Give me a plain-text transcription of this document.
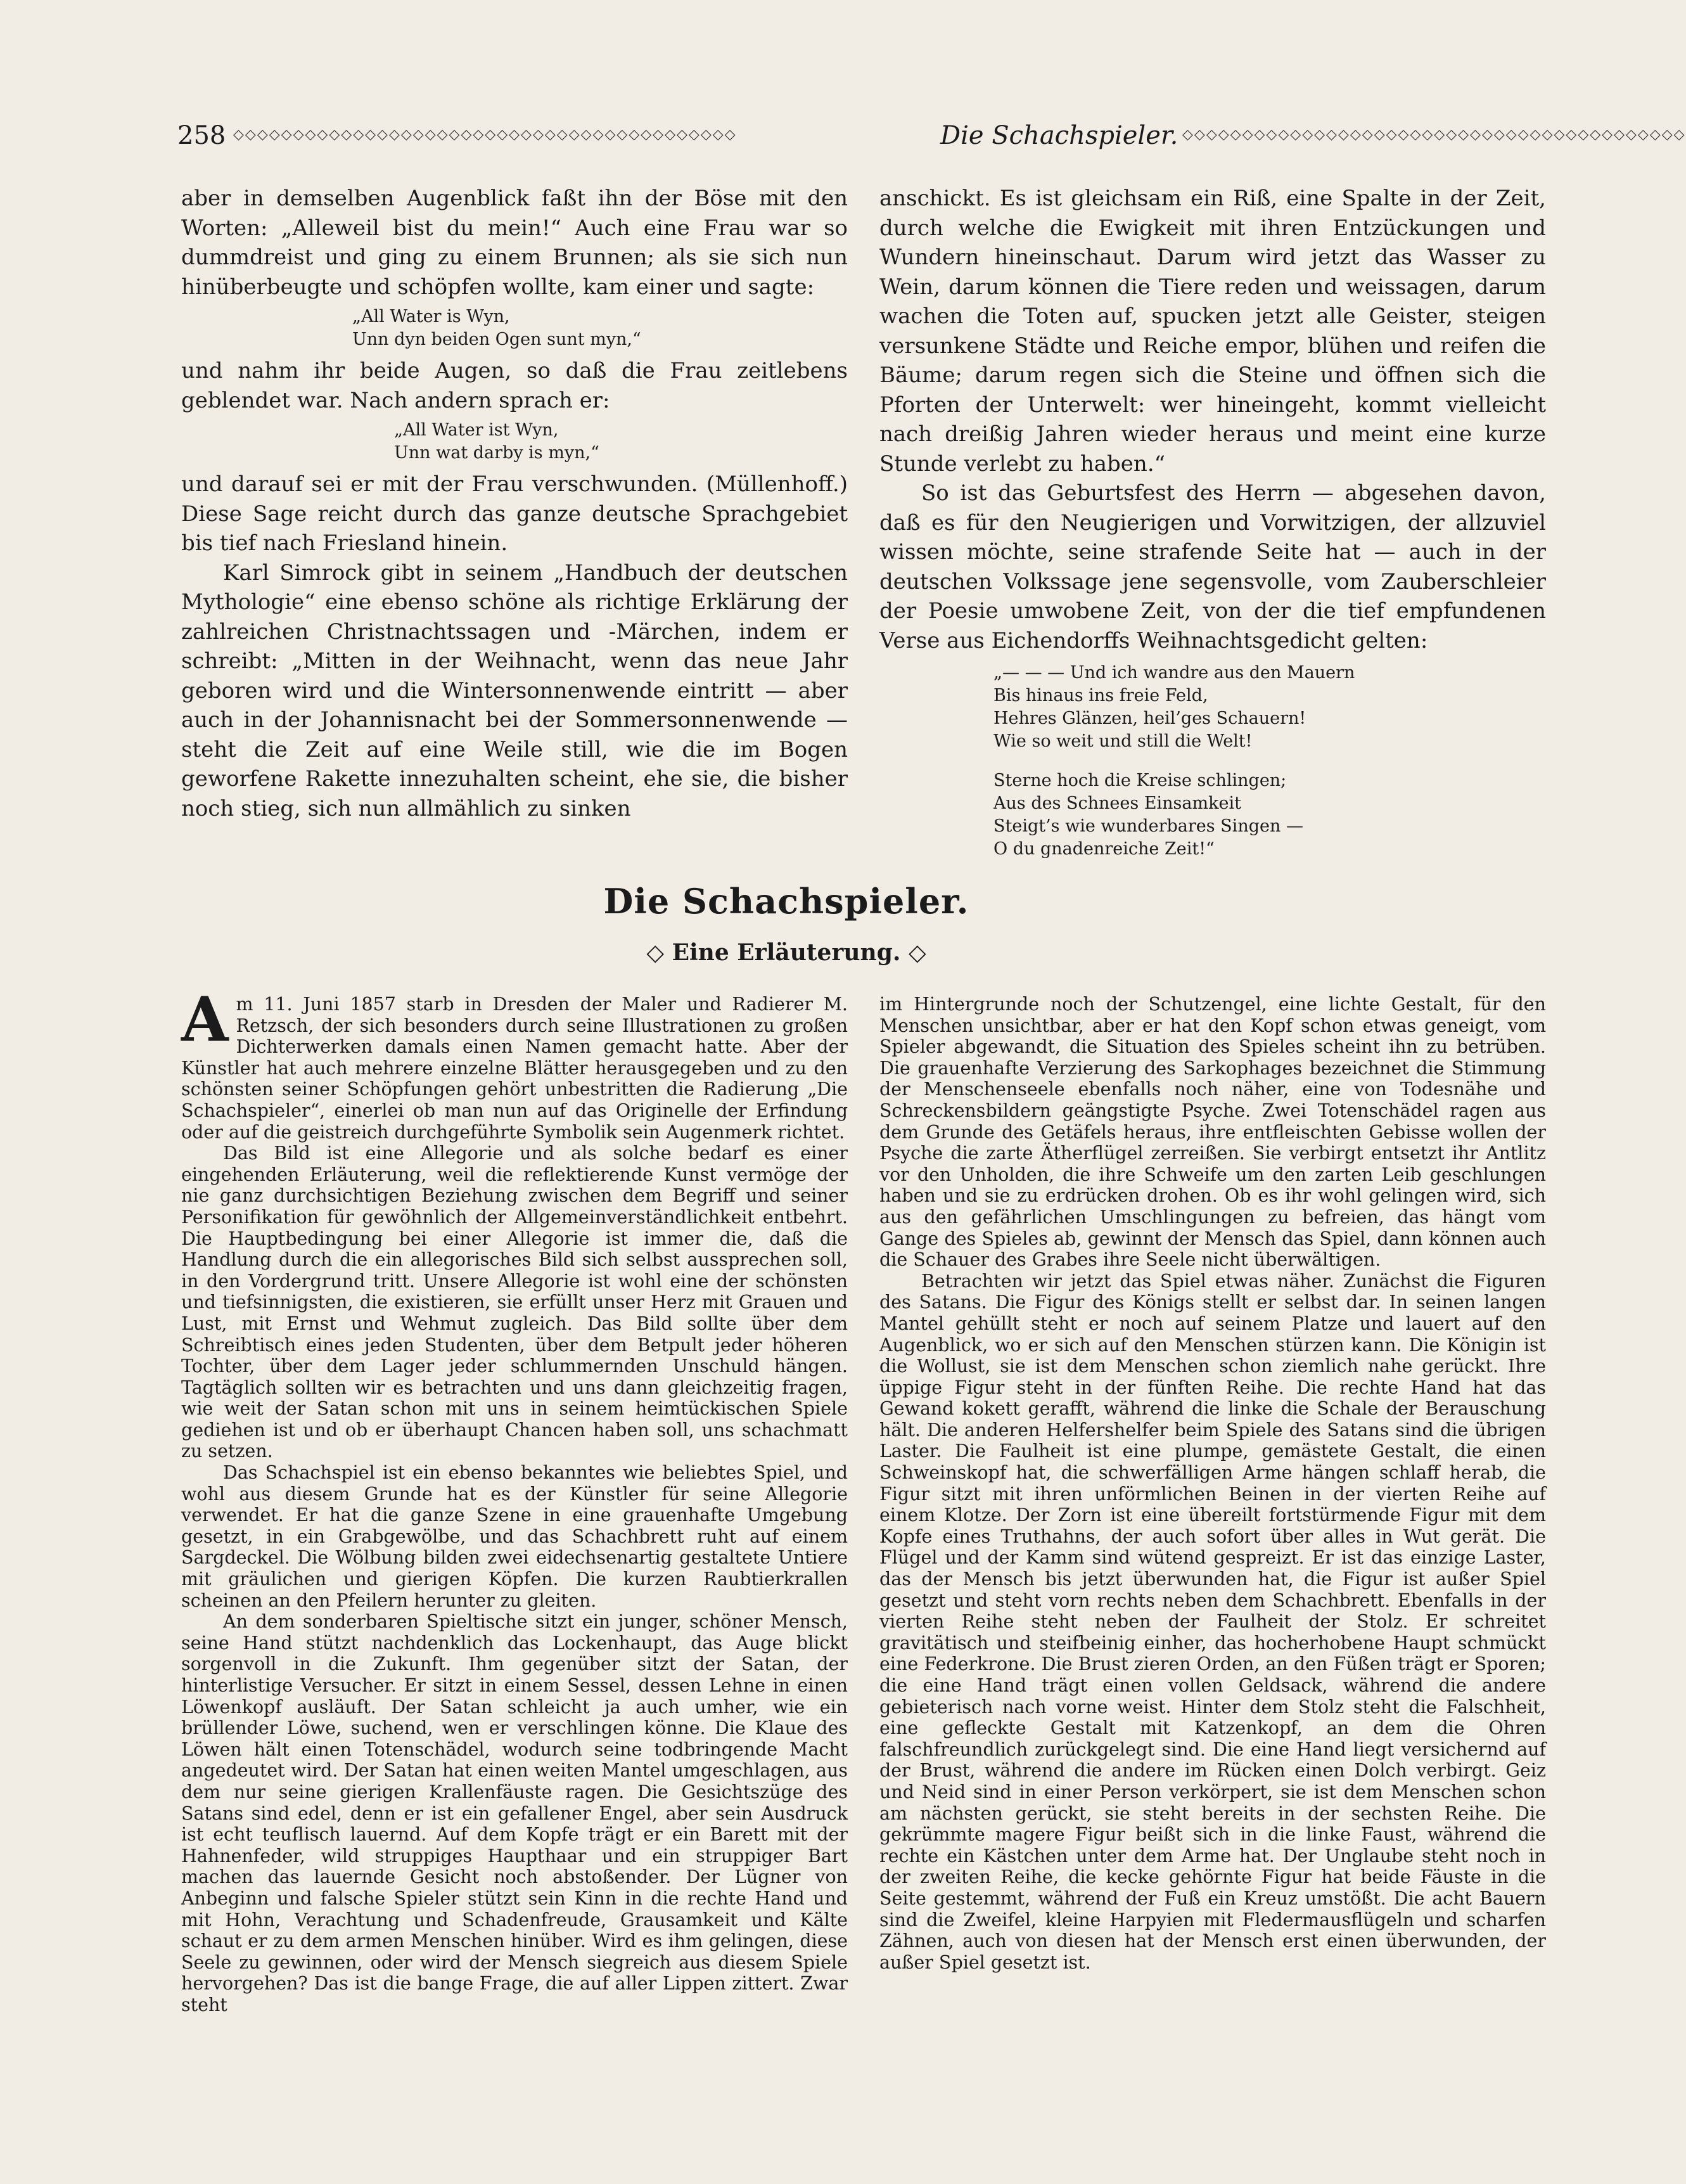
258 ◇◇◇◇◇◇◇◇◇◇◇◇◇◇◇◇◇◇◇◇◇◇◇◇◇◇◇◇◇◇◇◇◇◇◇◇◇◇◇◇◇◇	Die Schachspieler. ◇◇◇◇◇◇◇◇◇◇◇◇◇◇◇◇◇◇◇◇◇◇◇◇◇◇◇◇◇◇◇◇◇◇◇◇◇◇◇◇◇◇

aber in demselben Augenblick faßt ihn der Böse mit den Worten: „Alleweil bist du mein!“ Auch eine Frau war so dummdreist und ging zu einem Brunnen; als sie sich nun hinüberbeugte und schöpfen wollte, kam einer und sagte:

„All Water is Wyn,
Unn dyn beiden Ogen sunt myn,“

und nahm ihr beide Augen, so daß die Frau zeitlebens geblendet war. Nach andern sprach er:

„All Water ist Wyn,
Unn wat darby is myn,“

und darauf sei er mit der Frau verschwunden. (Müllenhoff.) Diese Sage reicht durch das ganze deutsche Sprachgebiet bis tief nach Friesland hinein.

Karl Simrock gibt in seinem „Handbuch der deutschen Mythologie“ eine ebenso schöne als richtige Erklärung der zahlreichen Christnachtssagen und -Märchen, indem er schreibt: „Mitten in der Weihnacht, wenn das neue Jahr geboren wird und die Wintersonnenwende eintritt — aber auch in der Johannisnacht bei der Sommersonnenwende — steht die Zeit auf eine Weile still, wie die im Bogen geworfene Rakette innezuhalten scheint, ehe sie, die bisher noch stieg, sich nun allmählich zu sinken

anschickt. Es ist gleichsam ein Riß, eine Spalte in der Zeit, durch welche die Ewigkeit mit ihren Entzückungen und Wundern hineinschaut. Darum wird jetzt das Wasser zu Wein, darum können die Tiere reden und weissagen, darum wachen die Toten auf, spucken jetzt alle Geister, steigen versunkene Städte und Reiche empor, blühen und reifen die Bäume; darum regen sich die Steine und öffnen sich die Pforten der Unterwelt: wer hineingeht, kommt vielleicht nach dreißig Jahren wieder heraus und meint eine kurze Stunde verlebt zu haben.“

So ist das Geburtsfest des Herrn — abgesehen davon, daß es für den Neugierigen und Vorwitzigen, der allzuviel wissen möchte, seine strafende Seite hat — auch in der deutschen Volkssage jene segensvolle, vom Zauberschleier der Poesie umwobene Zeit, von der die tief empfundenen Verse aus Eichendorffs Weihnachtsgedicht gelten:

„— — — Und ich wandre aus den Mauern
Bis hinaus ins freie Feld,
Hehres Glänzen, heil’ges Schauern!
Wie so weit und still die Welt!
Sterne hoch die Kreise schlingen;
Aus des Schnees Einsamkeit
Steigt’s wie wunderbares Singen —
O du gnadenreiche Zeit!“
Die Schachspieler.
◇ Eine Erläuterung. ◇

Am 11. Juni 1857 starb in Dresden der Maler und Radierer M. Retzsch, der sich besonders durch seine Illustrationen zu großen Dichterwerken damals einen Namen gemacht hatte. Aber der Künstler hat auch mehrere einzelne Blätter herausgegeben und zu den schönsten seiner Schöpfungen gehört unbestritten die Radierung „Die Schachspieler“, einerlei ob man nun auf das Originelle der Erfindung oder auf die geistreich durchgeführte Symbolik sein Augenmerk richtet.

Das Bild ist eine Allegorie und als solche bedarf es einer eingehenden Erläuterung, weil die reflektierende Kunst vermöge der nie ganz durchsichtigen Beziehung zwischen dem Begriff und seiner Personifikation für gewöhnlich der Allgemeinverständlichkeit entbehrt. Die Hauptbedingung bei einer Allegorie ist immer die, daß die Handlung durch die ein allegorisches Bild sich selbst aussprechen soll, in den Vordergrund tritt. Unsere Allegorie ist wohl eine der schönsten und tiefsinnigsten, die existieren, sie erfüllt unser Herz mit Grauen und Lust, mit Ernst und Wehmut zugleich. Das Bild sollte über dem Schreibtisch eines jeden Studenten, über dem Betpult jeder höheren Tochter, über dem Lager jeder schlummernden Unschuld hängen. Tagtäglich sollten wir es betrachten und uns dann gleichzeitig fragen, wie weit der Satan schon mit uns in seinem heimtückischen Spiele gediehen ist und ob er überhaupt Chancen haben soll, uns schachmatt zu setzen.

Das Schachspiel ist ein ebenso bekanntes wie beliebtes Spiel, und wohl aus diesem Grunde hat es der Künstler für seine Allegorie verwendet. Er hat die ganze Szene in eine grauenhafte Umgebung gesetzt, in ein Grabgewölbe, und das Schachbrett ruht auf einem Sargdeckel. Die Wölbung bilden zwei eidechsenartig gestaltete Untiere mit gräulichen und gierigen Köpfen. Die kurzen Raubtierkrallen scheinen an den Pfeilern herunter zu gleiten.

An dem sonderbaren Spieltische sitzt ein junger, schöner Mensch, seine Hand stützt nachdenklich das Lockenhaupt, das Auge blickt sorgenvoll in die Zukunft. Ihm gegenüber sitzt der Satan, der hinterlistige Versucher. Er sitzt in einem Sessel, dessen Lehne in einen Löwenkopf ausläuft. Der Satan schleicht ja auch umher, wie ein brüllender Löwe, suchend, wen er verschlingen könne. Die Klaue des Löwen hält einen Totenschädel, wodurch seine todbringende Macht angedeutet wird. Der Satan hat einen weiten Mantel umgeschlagen, aus dem nur seine gierigen Krallenfäuste ragen. Die Gesichtszüge des Satans sind edel, denn er ist ein gefallener Engel, aber sein Ausdruck ist echt teuflisch lauernd. Auf dem Kopfe trägt er ein Barett mit der Hahnenfeder, wild struppiges Haupthaar und ein struppiger Bart machen das lauernde Gesicht noch abstoßender. Der Lügner von Anbeginn und falsche Spieler stützt sein Kinn in die rechte Hand und mit Hohn, Verachtung und Schadenfreude, Grausamkeit und Kälte schaut er zu dem armen Menschen hinüber. Wird es ihm gelingen, diese Seele zu gewinnen, oder wird der Mensch siegreich aus diesem Spiele hervorgehen? Das ist die bange Frage, die auf aller Lippen zittert. Zwar steht

im Hintergrunde noch der Schutzengel, eine lichte Gestalt, für den Menschen unsichtbar, aber er hat den Kopf schon etwas geneigt, vom Spieler abgewandt, die Situation des Spieles scheint ihn zu betrüben. Die grauenhafte Verzierung des Sarkophages bezeichnet die Stimmung der Menschenseele ebenfalls noch näher, eine von Todesnähe und Schreckensbildern geängstigte Psyche. Zwei Totenschädel ragen aus dem Grunde des Getäfels heraus, ihre entfleischten Gebisse wollen der Psyche die zarte Ätherflügel zerreißen. Sie verbirgt entsetzt ihr Antlitz vor den Unholden, die ihre Schweife um den zarten Leib geschlungen haben und sie zu erdrücken drohen. Ob es ihr wohl gelingen wird, sich aus den gefährlichen Umschlingungen zu befreien, das hängt vom Gange des Spieles ab, gewinnt der Mensch das Spiel, dann können auch die Schauer des Grabes ihre Seele nicht überwältigen.

Betrachten wir jetzt das Spiel etwas näher. Zunächst die Figuren des Satans. Die Figur des Königs stellt er selbst dar. In seinen langen Mantel gehüllt steht er noch auf seinem Platze und lauert auf den Augenblick, wo er sich auf den Menschen stürzen kann. Die Königin ist die Wollust, sie ist dem Menschen schon ziemlich nahe gerückt. Ihre üppige Figur steht in der fünften Reihe. Die rechte Hand hat das Gewand kokett gerafft, während die linke die Schale der Berauschung hält. Die anderen Helfershelfer beim Spiele des Satans sind die übrigen Laster. Die Faulheit ist eine plumpe, gemästete Gestalt, die einen Schweinskopf hat, die schwerfälligen Arme hängen schlaff herab, die Figur sitzt mit ihren unförmlichen Beinen in der vierten Reihe auf einem Klotze. Der Zorn ist eine übereilt fortstürmende Figur mit dem Kopfe eines Truthahns, der auch sofort über alles in Wut gerät. Die Flügel und der Kamm sind wütend gespreizt. Er ist das einzige Laster, das der Mensch bis jetzt überwunden hat, die Figur ist außer Spiel gesetzt und steht vorn rechts neben dem Schachbrett. Ebenfalls in der vierten Reihe steht neben der Faulheit der Stolz. Er schreitet gravitätisch und steifbeinig einher, das hocherhobene Haupt schmückt eine Federkrone. Die Brust zieren Orden, an den Füßen trägt er Sporen; die eine Hand trägt einen vollen Geldsack, während die andere gebieterisch nach vorne weist. Hinter dem Stolz steht die Falschheit, eine gefleckte Gestalt mit Katzenkopf, an dem die Ohren falschfreundlich zurückgelegt sind. Die eine Hand liegt versichernd auf der Brust, während die andere im Rücken einen Dolch verbirgt. Geiz und Neid sind in einer Person verkörpert, sie ist dem Menschen schon am nächsten gerückt, sie steht bereits in der sechsten Reihe. Die gekrümmte magere Figur beißt sich in die linke Faust, während die rechte ein Kästchen unter dem Arme hat. Der Unglaube steht noch in der zweiten Reihe, die kecke gehörnte Figur hat beide Fäuste in die Seite gestemmt, während der Fuß ein Kreuz umstößt. Die acht Bauern sind die Zweifel, kleine Harpyien mit Fledermausflügeln und scharfen Zähnen, auch von diesen hat der Mensch erst einen überwunden, der außer Spiel gesetzt ist.
